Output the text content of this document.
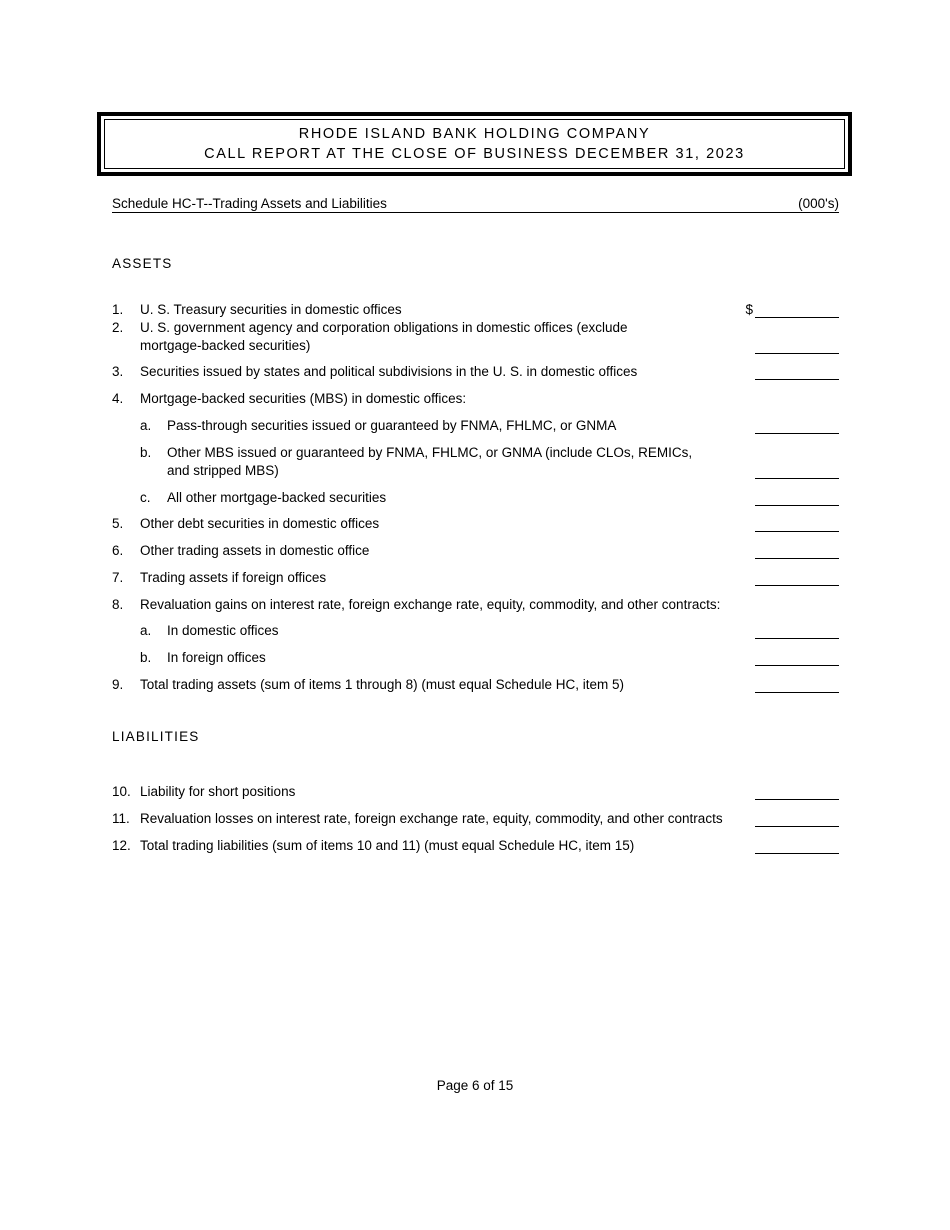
RHODE ISLAND BANK HOLDING COMPANY
CALL REPORT AT THE CLOSE OF BUSINESS DECEMBER 31, 2023
Schedule HC-T--Trading Assets and Liabilities	(000's)
ASSETS
1. U. S. Treasury securities in domestic offices	$
2. U. S. government agency and corporation obligations in domestic offices (exclude
mortgage-backed securities)
3. Securities issued by states and political subdivisions in the U. S. in domestic offices
4. Mortgage-backed securities (MBS) in domestic offices:
a. Pass-through securities issued or guaranteed by FNMA, FHLMC, or GNMA
b. Other MBS issued or guaranteed by FNMA, FHLMC, or GNMA (include CLOs, REMICs,
and stripped MBS)
c. All other mortgage-backed securities
5. Other debt securities in domestic offices
6. Other trading assets in domestic office
7. Trading assets if foreign offices
8. Revaluation gains on interest rate, foreign exchange rate, equity, commodity, and other contracts:
a. In domestic offices
b. In foreign offices
9. Total trading assets (sum of items 1 through 8) (must equal Schedule HC, item 5)
LIABILITIES
10. Liability for short positions
11. Revaluation losses on interest rate, foreign exchange rate, equity, commodity, and other contracts
12. Total trading liabilities (sum of items 10 and 11) (must equal Schedule HC, item 15)
Page 6 of 15
